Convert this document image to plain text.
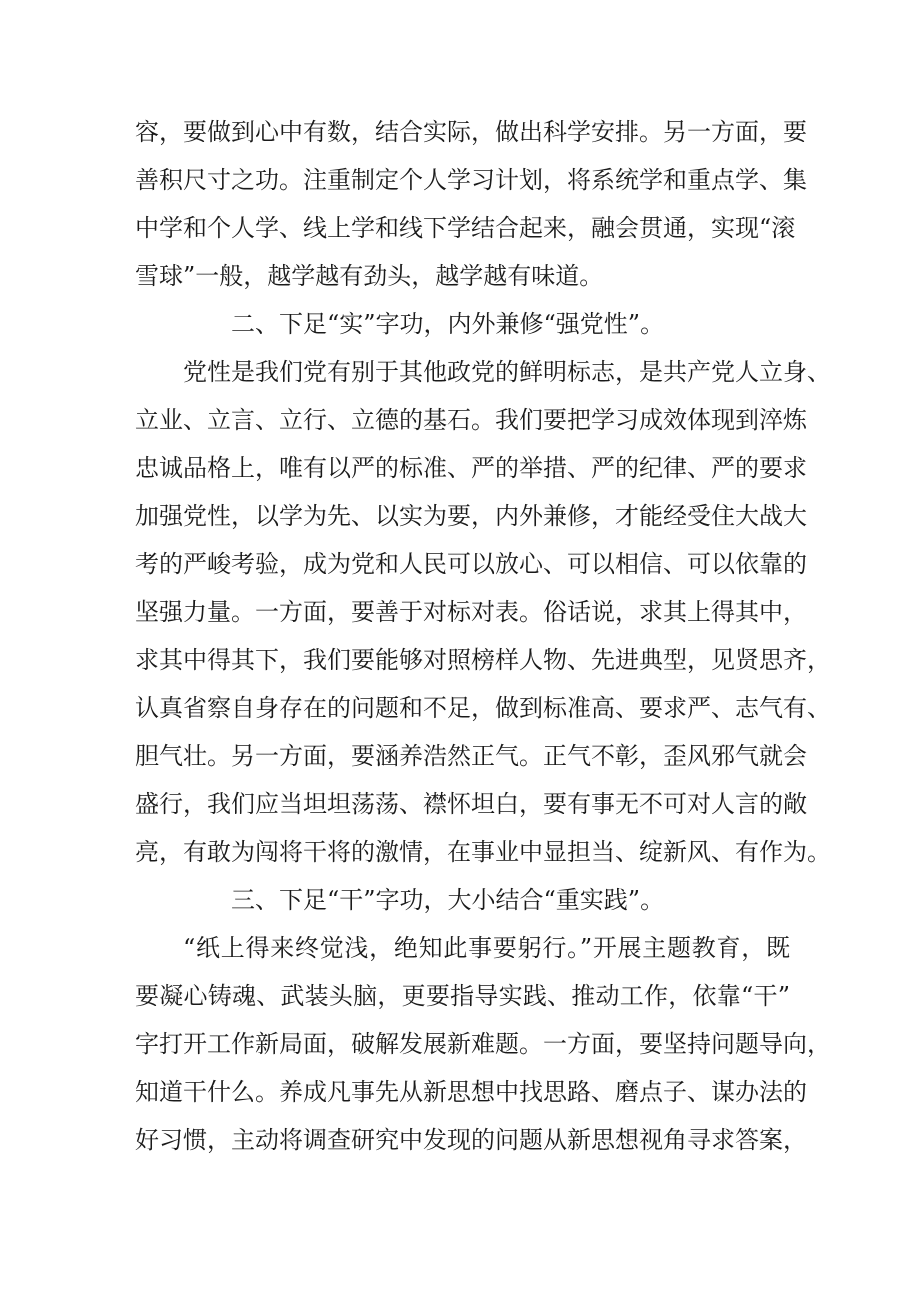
容，要做到心中有数，结合实际，做出科学安排。另一方面，要
善积尺寸之功。注重制定个人学习计划，将系统学和重点学、集
中学和个人学、线上学和线下学结合起来，融会贯通，实现“滚
雪球”一般，越学越有劲头，越学越有味道。

二、下足“实”字功，内外兼修“强党性”。

党性是我们党有别于其他政党的鲜明标志，是共产党人立身、
立业、立言、立行、立德的基石。我们要把学习成效体现到淬炼
忠诚品格上，唯有以严的标准、严的举措、严的纪律、严的要求
加强党性，以学为先、以实为要，内外兼修，才能经受住大战大
考的严峻考验，成为党和人民可以放心、可以相信、可以依靠的
坚强力量。一方面，要善于对标对表。俗话说，求其上得其中，
求其中得其下，我们要能够对照榜样人物、先进典型，见贤思齐，
认真省察自身存在的问题和不足，做到标准高、要求严、志气有、
胆气壮。另一方面，要涵养浩然正气。正气不彰，歪风邪气就会
盛行，我们应当坦坦荡荡、襟怀坦白，要有事无不可对人言的敞
亮，有敢为闯将干将的激情，在事业中显担当、绽新风、有作为。

三、下足“干”字功，大小结合“重实践”。

“纸上得来终觉浅，绝知此事要躬行。”开展主题教育，既
要凝心铸魂、武装头脑，更要指导实践、推动工作，依靠“干”
字打开工作新局面，破解发展新难题。一方面，要坚持问题导向，
知道干什么。养成凡事先从新思想中找思路、磨点子、谋办法的
好习惯，主动将调查研究中发现的问题从新思想视角寻求答案，
